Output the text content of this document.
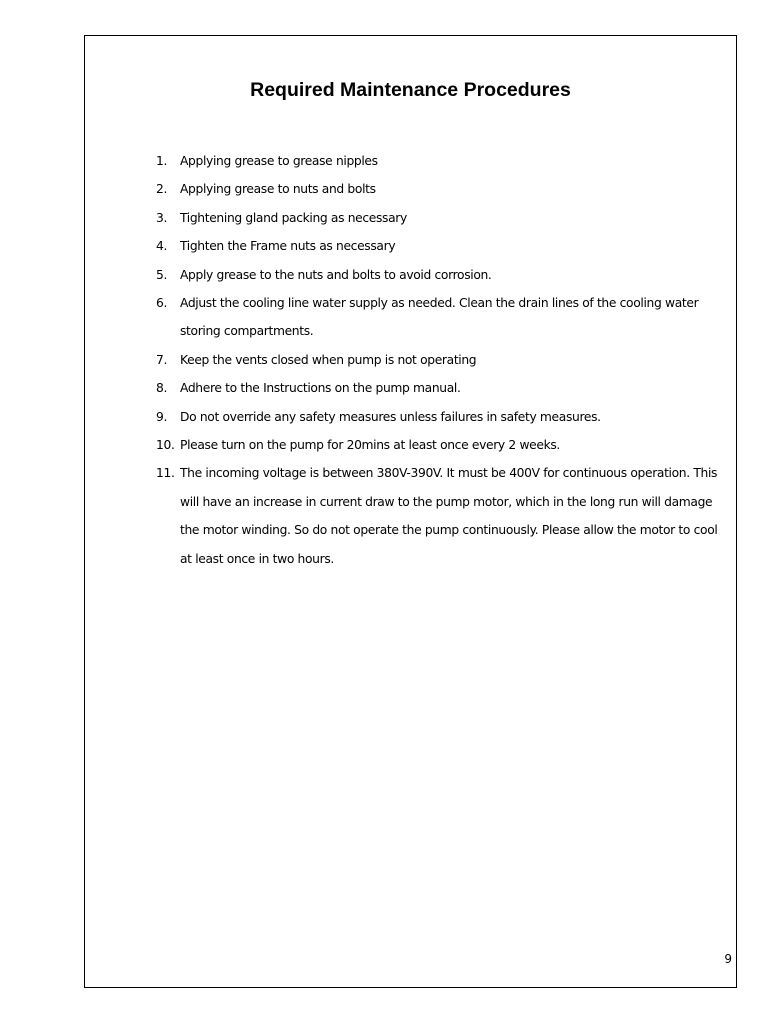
Required Maintenance Procedures
1. Applying grease to grease nipples
2. Applying grease to nuts and bolts
3. Tightening gland packing as necessary
4. Tighten the Frame nuts as necessary
5. Apply grease to the nuts and bolts to avoid corrosion.
6. Adjust the cooling line water supply as needed. Clean the drain lines of the cooling water storing compartments.
7. Keep the vents closed when pump is not operating
8. Adhere to the Instructions on the pump manual.
9. Do not override any safety measures unless failures in safety measures.
10. Please turn on the pump for 20mins at least once every 2 weeks.
11. The incoming voltage is between 380V-390V. It must be 400V for continuous operation. This will have an increase in current draw to the pump motor, which in the long run will damage the motor winding. So do not operate the pump continuously. Please allow the motor to cool at least once in two hours.
9
